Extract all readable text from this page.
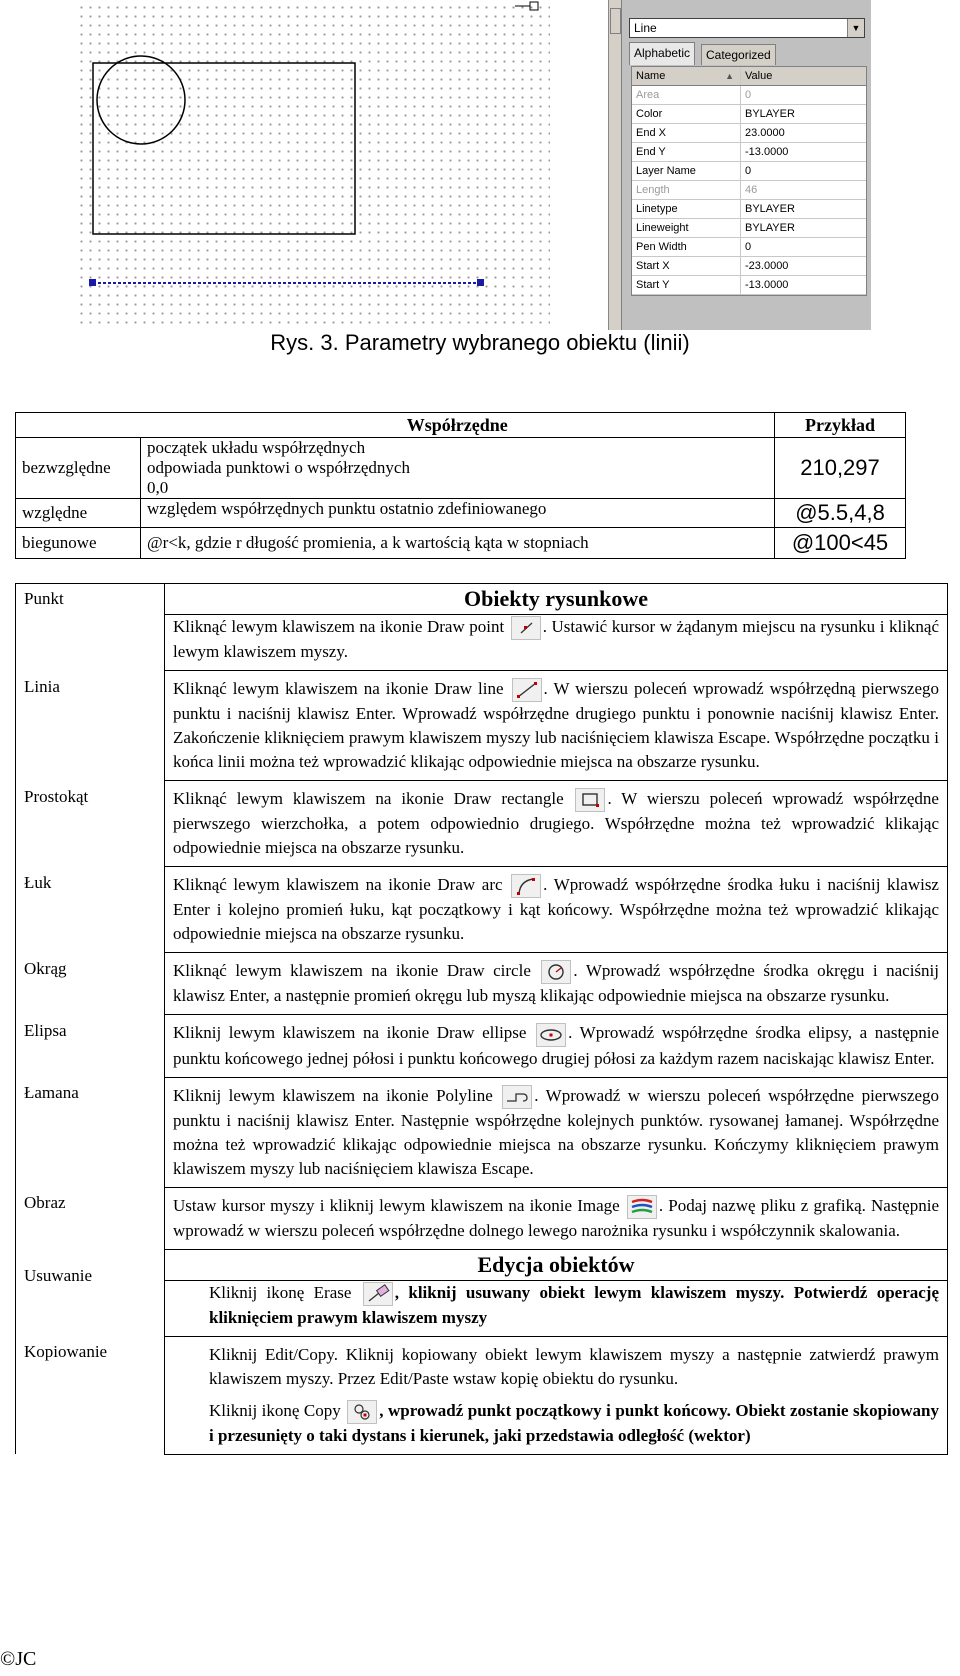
Line	▼
Alphabetic	Categorized
Name	▲	Value
Area	0
Color	BYLAYER
End X	23.0000
End Y	-13.0000
Layer Name	0
Length	46
Linetype	BYLAYER
Lineweight	BYLAYER
Pen Width	0
Start X	-23.0000
Start Y	-13.0000
Rys. 3. Parametry wybranego obiektu (linii)
	Współrzędne	Przykład
bezwzględne	początek układu współrzędnych odpowiada punktowi o współrzędnych 0,0	210,297
względne	względem współrzędnych punktu ostatnio zdefiniowanego	@5.5,4,8
biegunowe	@r<k, gdzie r długość promienia, a k wartością kąta w stopniach	@100<45
	Obiekty rysunkowe
Punkt	Kliknąć lewym klawiszem na ikonie Draw point
. Ustawić kursor w żądanym miejscu na rysunku i kliknąć lewym klawiszem myszy.
Linia	Kliknąć lewym klawiszem na ikonie Draw line
. W wierszu poleceń wprowadź współrzędną pierwszego punktu i naciśnij klawisz Enter. Wprowadź współrzędne drugiego punktu i ponownie naciśnij klawisz Enter. Zakończenie kliknięciem prawym klawiszem myszy lub naciśnięciem klawisza Escape. Współrzędne początku i końca linii można też wprowadzić klikając odpowiednie miejsca na obszarze rysunku.
Prostokąt	Kliknąć lewym klawiszem na ikonie Draw rectangle
. W wierszu poleceń wprowadź współrzędne pierwszego wierzchołka, a potem odpowiednio drugiego. Współrzędne można też wprowadzić klikając odpowiednie miejsca na obszarze rysunku.
Łuk	Kliknąć lewym klawiszem na ikonie Draw arc
. Wprowadź współrzędne środka łuku i naciśnij klawisz Enter i kolejno promień łuku, kąt początkowy i kąt końcowy. Współrzędne można też wprowadzić klikając odpowiednie miejsca na obszarze rysunku.
Okrąg	Kliknąć lewym klawiszem na ikonie Draw circle
. Wprowadź współrzędne środka okręgu i naciśnij klawisz Enter, a następnie promień okręgu lub myszą klikając odpowiednie miejsca na obszarze rysunku.
Elipsa	Kliknij lewym klawiszem na ikonie Draw ellipse
. Wprowadź współrzędne środka elipsy, a następnie punktu końcowego jednej półosi i punktu końcowego drugiej półosi za każdym razem naciskając klawisz Enter.
Łamana	Kliknij lewym klawiszem na ikonie Polyline
. Wprowadź w wierszu poleceń współrzędne pierwszego punktu i naciśnij klawisz Enter. Następnie współrzędne kolejnych punktów. rysowanej łamanej. Współrzędne można też wprowadzić klikając odpowiednie miejsca na obszarze rysunku. Kończymy kliknięciem prawym klawiszem myszy lub naciśnięciem klawisza Escape.
Obraz	Ustaw kursor myszy i kliknij lewym klawiszem na ikonie Image
. Podaj nazwę pliku z grafiką. Następnie wprowadź w wierszu poleceń współrzędne dolnego lewego narożnika rysunku i współczynnik skalowania.
	Edycja obiektów
Usuwanie	Kliknij ikonę Erase
, kliknij usuwany obiekt lewym klawiszem myszy. Potwierdź operację kliknięciem prawym klawiszem myszy
Kopiowanie	Kliknij Edit/Copy. Kliknij kopiowany obiekt lewym klawiszem myszy a następnie zatwierdź prawym klawiszem myszy. Przez Edit/Paste wstaw kopię obiektu do rysunku.
Kliknij ikonę Copy
, wprowadź punkt początkowy i punkt końcowy. Obiekt zostanie skopiowany i przesunięty o taki dystans i kierunek, jaki przedstawia odległość (wektor)
©JC
